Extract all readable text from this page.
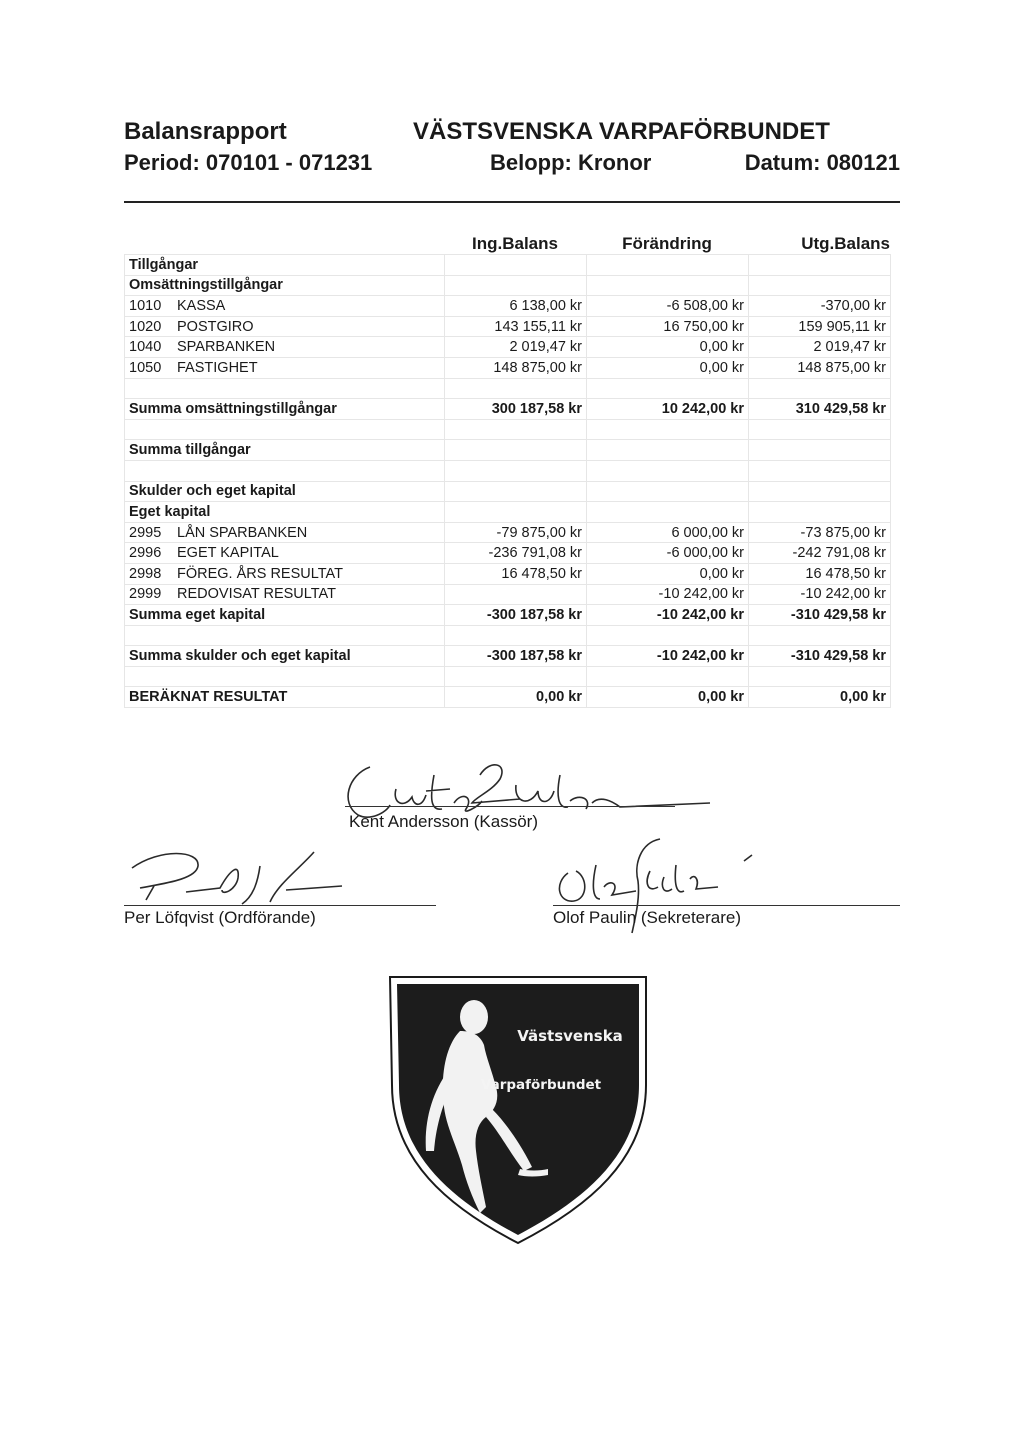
Balansrapport	VÄSTSVENSKA VARPAFÖRBUNDET
Period: 070101 - 071231	Belopp: Kronor	Datum: 080121
Ing.Balans	Förändring	Utg.Balans
Tillgångar			
Omsättningstillgångar			
1010 KASSA	6 138,00 kr	-6 508,00 kr	-370,00 kr
1020 POSTGIRO	143 155,11 kr	16 750,00 kr	159 905,11 kr
1040 SPARBANKEN	2 019,47 kr	0,00 kr	2 019,47 kr
1050 FASTIGHET	148 875,00 kr	0,00 kr	148 875,00 kr

Summa omsättningstillgångar	300 187,58 kr	10 242,00 kr	310 429,58 kr

Summa tillgångar			

Skulder och eget kapital			
Eget kapital			
2995 LÅN SPARBANKEN	-79 875,00 kr	6 000,00 kr	-73 875,00 kr
2996 EGET KAPITAL	-236 791,08 kr	-6 000,00 kr	-242 791,08 kr
2998 FÖREG. ÅRS RESULTAT	16 478,50 kr	0,00 kr	16 478,50 kr
2999 REDOVISAT RESULTAT		-10 242,00 kr	-10 242,00 kr
Summa eget kapital	-300 187,58 kr	-10 242,00 kr	-310 429,58 kr

Summa skulder och eget kapital	-300 187,58 kr	-10 242,00 kr	-310 429,58 kr

BERÄKNAT RESULTAT	0,00 kr	0,00 kr	0,00 kr
Kent Andersson (Kassör)
Per Löfqvist (Ordförande)	Olof Paulin (Sekreterare)
Västsvenska
Varpaförbundet
